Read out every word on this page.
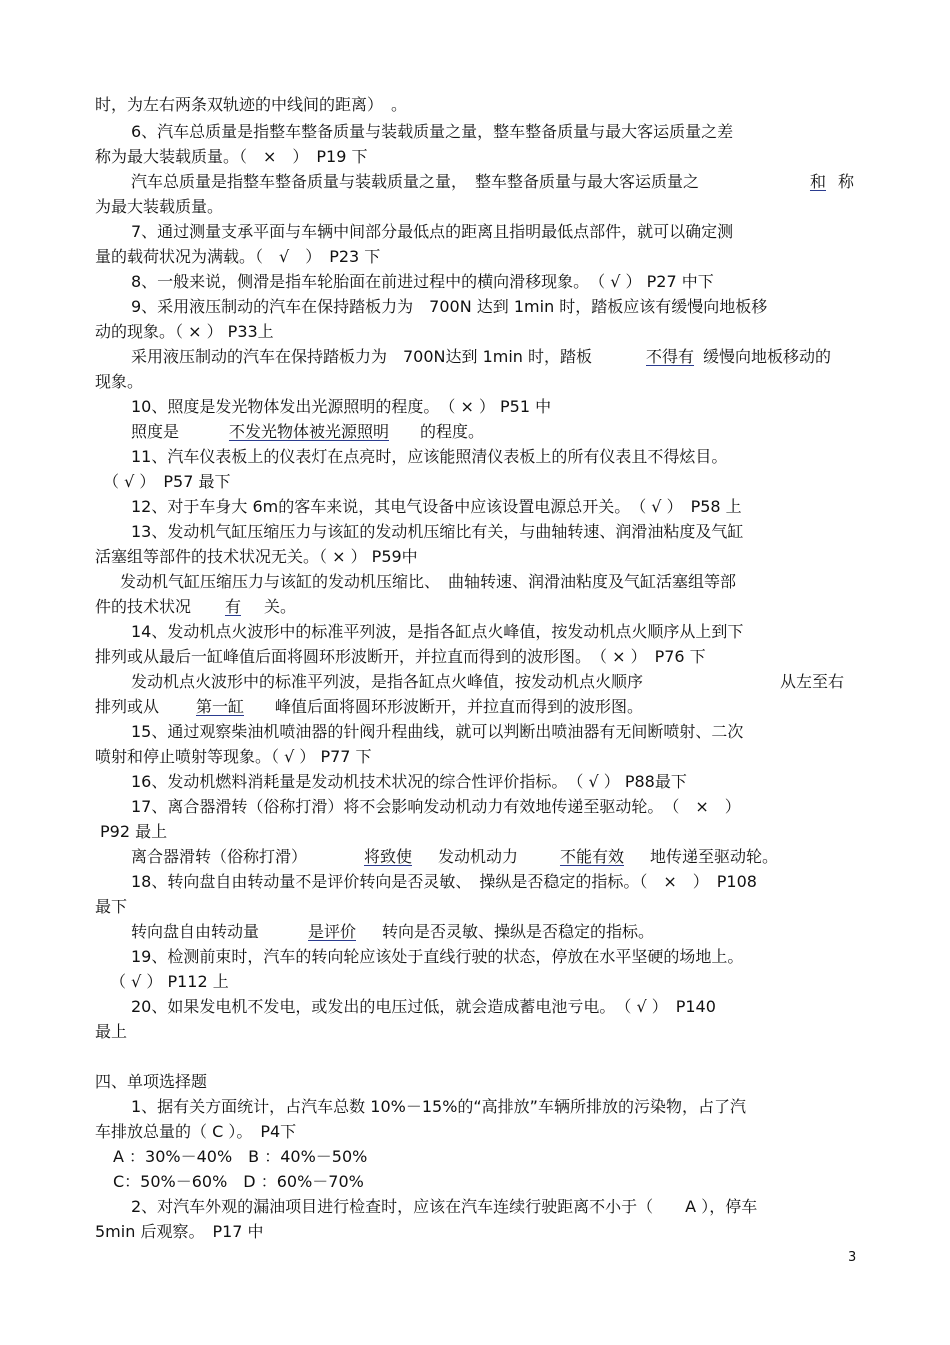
时，为左右两条双轨迹的中线间的距离）　。
6、汽车总质量是指整车整备质量与装载质量之量，整车整备质量与最大客运质量之差
称为最大装载质量。（　×　）　P19 下
汽车总质量是指整车整备质量与装载质量之量，　整车整备质量与最大客运质量之	和 称
为最大装载质量。
7、通过测量支承平面与车辆中间部分最低点的距离且指明最低点部件，就可以确定测
量的载荷状况为满载。（　√　）　P23 下
8、一般来说，侧滑是指车轮胎面在前进过程中的横向滑移现象。　（ √ ） P27 中下
9、采用液压制动的汽车在保持踏板力为　700N 达到 1min 时，踏板应该有缓慢向地板移
动的现象。（ × ） P33上
采用液压制动的汽车在保持踏板力为　700N达到 1min 时，踏板	不得有 缓慢向地板移动的
现象。
10、照度是发光物体发出光源照明的程度。　（ × ） P51 中
照度是	不发光物体被光源照明	的程度。
11、汽车仪表板上的仪表灯在点亮时，应该能照清仪表板上的所有仪表且不得炫目。
（ √ ）　P57 最下
12、对于车身大 6m的客车来说，其电气设备中应该设置电源总开关。　（ √ ）　P58 上
13、发动机气缸压缩压力与该缸的发动机压缩比有关，与曲轴转速、润滑油粘度及气缸
活塞组等部件的技术状况无关。（ × ） P59中
发动机气缸压缩压力与该缸的发动机压缩比、　曲轴转速、润滑油粘度及气缸活塞组等部
件的技术状况	有	关。
14、发动机点火波形中的标准平列波，是指各缸点火峰值，按发动机点火顺序从上到下
排列或从最后一缸峰值后面将圆环形波断开，并拉直而得到的波形图。　（ × ）　P76 下
发动机点火波形中的标准平列波，是指各缸点火峰值，按发动机点火顺序	从左至右
排列或从	第一缸	峰值后面将圆环形波断开，并拉直而得到的波形图。
15、通过观察柴油机喷油器的针阀升程曲线，就可以判断出喷油器有无间断喷射、二次
喷射和停止喷射等现象。（ √ ） P77 下
16、发动机燃料消耗量是发动机技术状况的综合性评价指标。　（ √ ） P88最下
17、离合器滑转（俗称打滑）将不会影响发动机动力有效地传递至驱动轮。　（　×　）
P92 最上
离合器滑转（俗称打滑）	将致使	发动机动力	不能有效	地传递至驱动轮。
18、转向盘自由转动量不是评价转向是否灵敏、　操纵是否稳定的指标。（　×　）　P108
最下
转向盘自由转动量	是评价	转向是否灵敏、操纵是否稳定的指标。
19、检测前束时，汽车的转向轮应该处于直线行驶的状态，停放在水平坚硬的场地上。
（ √ ） P112 上
20、如果发电机不发电，或发出的电压过低，就会造成蓄电池亏电。　（ √ ）　P140
最上
四、单项选择题
1、据有关方面统计，占汽车总数 10%－15%的“高排放”车辆所排放的污染物，占了汽
车排放总量的（ C ）。　P4下
A ：30%－40%　B ：40%－50%
C：50%－60%　D ：60%－70%
2、对汽车外观的漏油项目进行检查时，应该在汽车连续行驶距离不小于（　　A ），停车
5min 后观察。　P17 中
3
